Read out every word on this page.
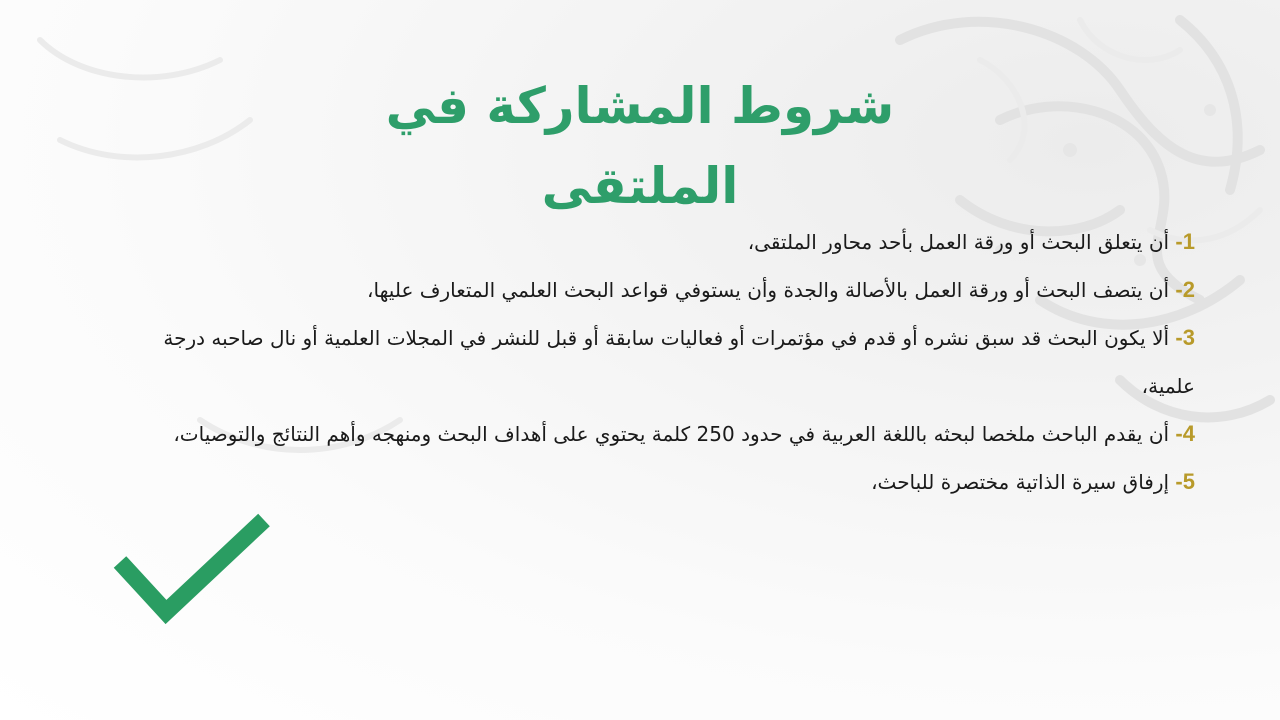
شروط المشاركة في الملتقى
1- أن يتعلق البحث أو ورقة العمل بأحد محاور الملتقى،
2- أن يتصف البحث أو ورقة العمل بالأصالة والجدة وأن يستوفي قواعد البحث العلمي المتعارف عليها،
3- ألا يكون البحث قد سبق نشره أو قدم في مؤتمرات أو فعاليات سابقة أو قبل للنشر في المجلات العلمية أو نال صاحبه درجة علمية،
4- أن يقدم الباحث ملخصا لبحثه باللغة العربية في حدود 250 كلمة يحتوي على أهداف البحث ومنهجه وأهم النتائج والتوصيات،
5- إرفاق سيرة الذاتية مختصرة للباحث،
